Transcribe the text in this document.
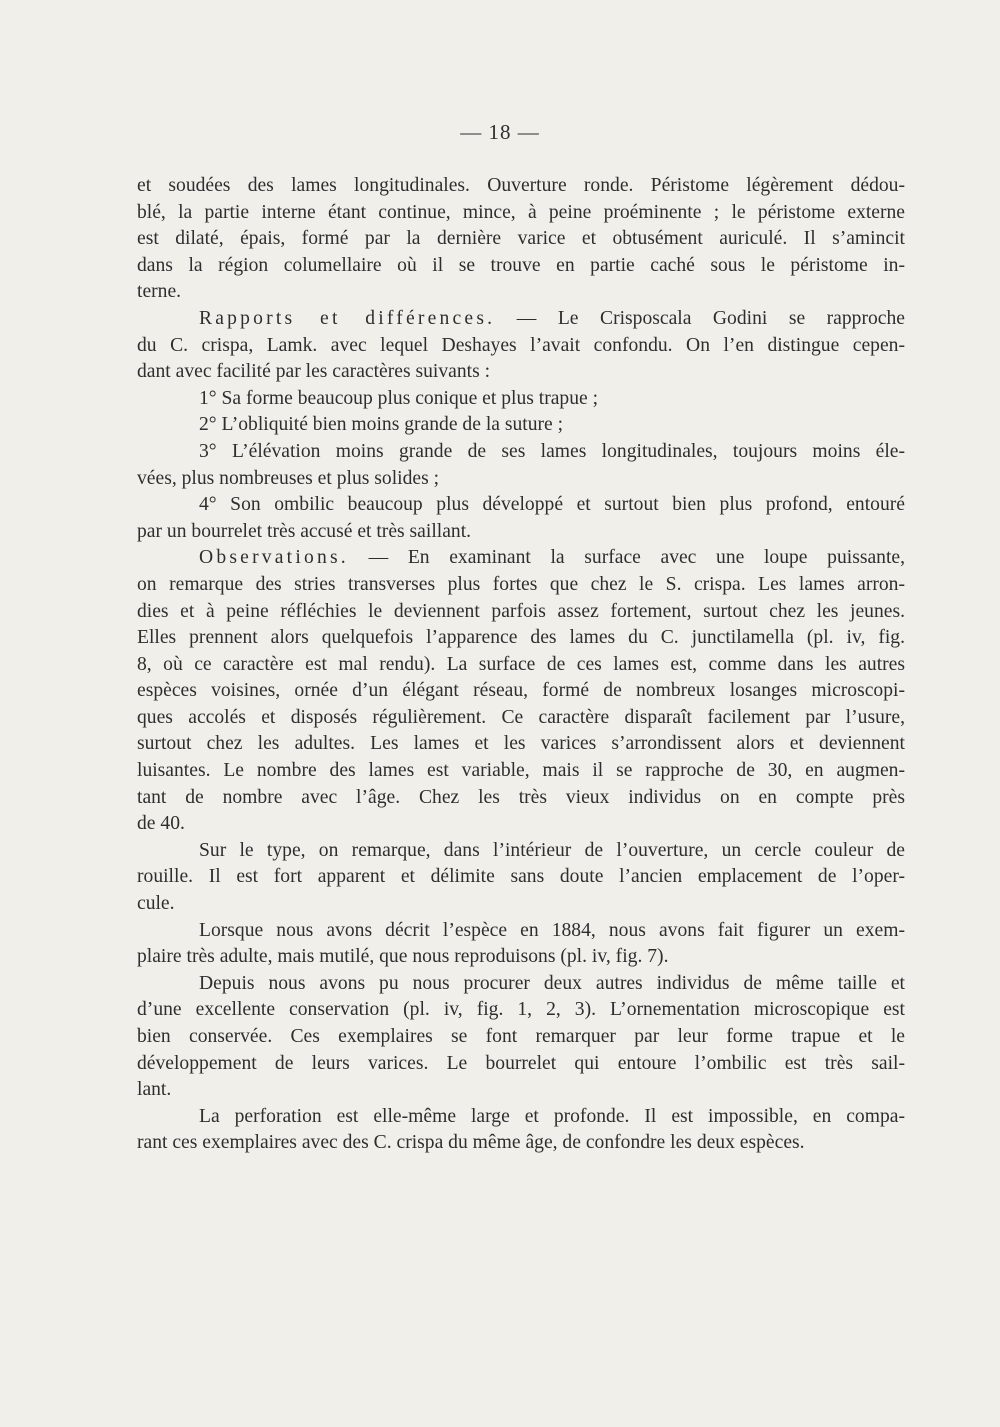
— 18 —

et soudées des lames longitudinales. Ouverture ronde. Péristome légèrement dédou-

blé, la partie interne étant continue, mince, à peine proéminente ; le péristome externe

est dilaté, épais, formé par la dernière varice et obtusément auriculé. Il s’amincit

dans la région columellaire où il se trouve en partie caché sous le péristome in-

terne.

Rapports et différences. — Le Crisposcala Godini se rapproche

du C. crispa, Lamk. avec lequel Deshayes l’avait confondu. On l’en distingue cepen-

dant avec facilité par les caractères suivants :

1° Sa forme beaucoup plus conique et plus trapue ;

2° L’obliquité bien moins grande de la suture ;

3° L’élévation moins grande de ses lames longitudinales, toujours moins éle-

vées, plus nombreuses et plus solides ;

4° Son ombilic beaucoup plus développé et surtout bien plus profond, entouré

par un bourrelet très accusé et très saillant.

Observations. — En examinant la surface avec une loupe puissante,

on remarque des stries transverses plus fortes que chez le S. crispa. Les lames arron-

dies et à peine réfléchies le deviennent parfois assez fortement, surtout chez les jeunes.

Elles prennent alors quelquefois l’apparence des lames du C. junctilamella (pl. iv, fig.

8, où ce caractère est mal rendu). La surface de ces lames est, comme dans les autres

espèces voisines, ornée d’un élégant réseau, formé de nombreux losanges microscopi-

ques accolés et disposés régulièrement. Ce caractère disparaît facilement par l’usure,

surtout chez les adultes. Les lames et les varices s’arrondissent alors et deviennent

luisantes. Le nombre des lames est variable, mais il se rapproche de 30, en augmen-

tant de nombre avec l’âge. Chez les très vieux individus on en compte près

de 40.

Sur le type, on remarque, dans l’intérieur de l’ouverture, un cercle couleur de

rouille. Il est fort apparent et délimite sans doute l’ancien emplacement de l’oper-

cule.

Lorsque nous avons décrit l’espèce en 1884, nous avons fait figurer un exem-

plaire très adulte, mais mutilé, que nous reproduisons (pl. iv, fig. 7).

Depuis nous avons pu nous procurer deux autres individus de même taille et

d’une excellente conservation (pl. iv, fig. 1, 2, 3). L’ornementation microscopique est

bien conservée. Ces exemplaires se font remarquer par leur forme trapue et le

développement de leurs varices. Le bourrelet qui entoure l’ombilic est très sail-

lant.

La perforation est elle-même large et profonde. Il est impossible, en compa-

rant ces exemplaires avec des C. crispa du même âge, de confondre les deux espèces.
